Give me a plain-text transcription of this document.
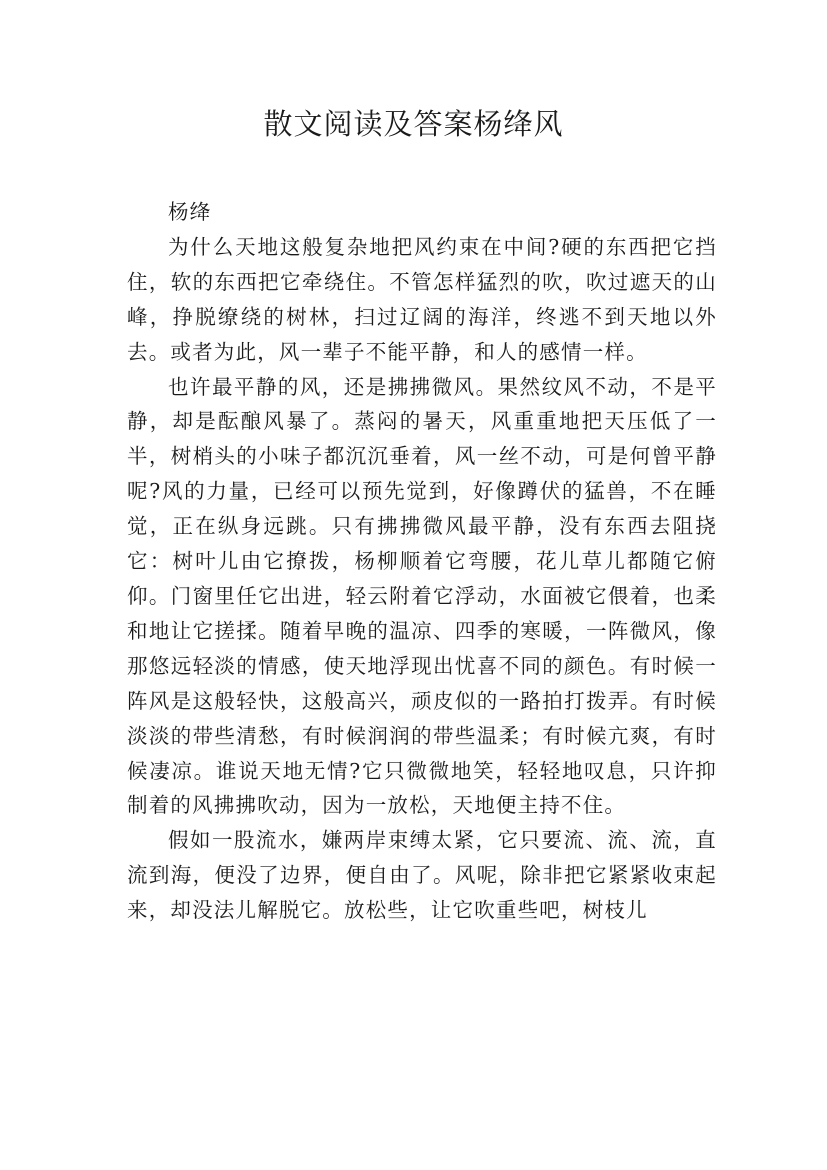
散文阅读及答案杨绛风

杨绛

为什么天地这般复杂地把风约束在中间?硬的东西把它挡住，软的东西把它牵绕住。不管怎样猛烈的吹，吹过遮天的山峰，挣脱缭绕的树林，扫过辽阔的海洋，终逃不到天地以外去。或者为此，风一辈子不能平静，和人的感情一样。

也许最平静的风，还是拂拂微风。果然纹风不动，不是平静，却是酝酿风暴了。蒸闷的暑天，风重重地把天压低了一半，树梢头的小味子都沉沉垂着，风一丝不动，可是何曾平静呢?风的力量，已经可以预先觉到，好像蹲伏的猛兽，不在睡觉，正在纵身远跳。只有拂拂微风最平静，没有东西去阻挠它：树叶儿由它撩拨，杨柳顺着它弯腰，花儿草儿都随它俯仰。门窗里任它出进，轻云附着它浮动，水面被它偎着，也柔和地让它搓揉。随着早晚的温凉、四季的寒暖，一阵微风，像那悠远轻淡的情感，使天地浮现出忧喜不同的颜色。有时候一阵风是这般轻快，这般高兴，顽皮似的一路拍打拨弄。有时候淡淡的带些清愁，有时候润润的带些温柔；有时候亢爽，有时候凄凉。谁说天地无情?它只微微地笑，轻轻地叹息，只许抑制着的风拂拂吹动，因为一放松，天地便主持不住。

假如一股流水，嫌两岸束缚太紧，它只要流、流、流，直流到海，便没了边界，便自由了。风呢，除非把它紧紧收束起来，却没法儿解脱它。放松些，让它吹重些吧，树枝儿
